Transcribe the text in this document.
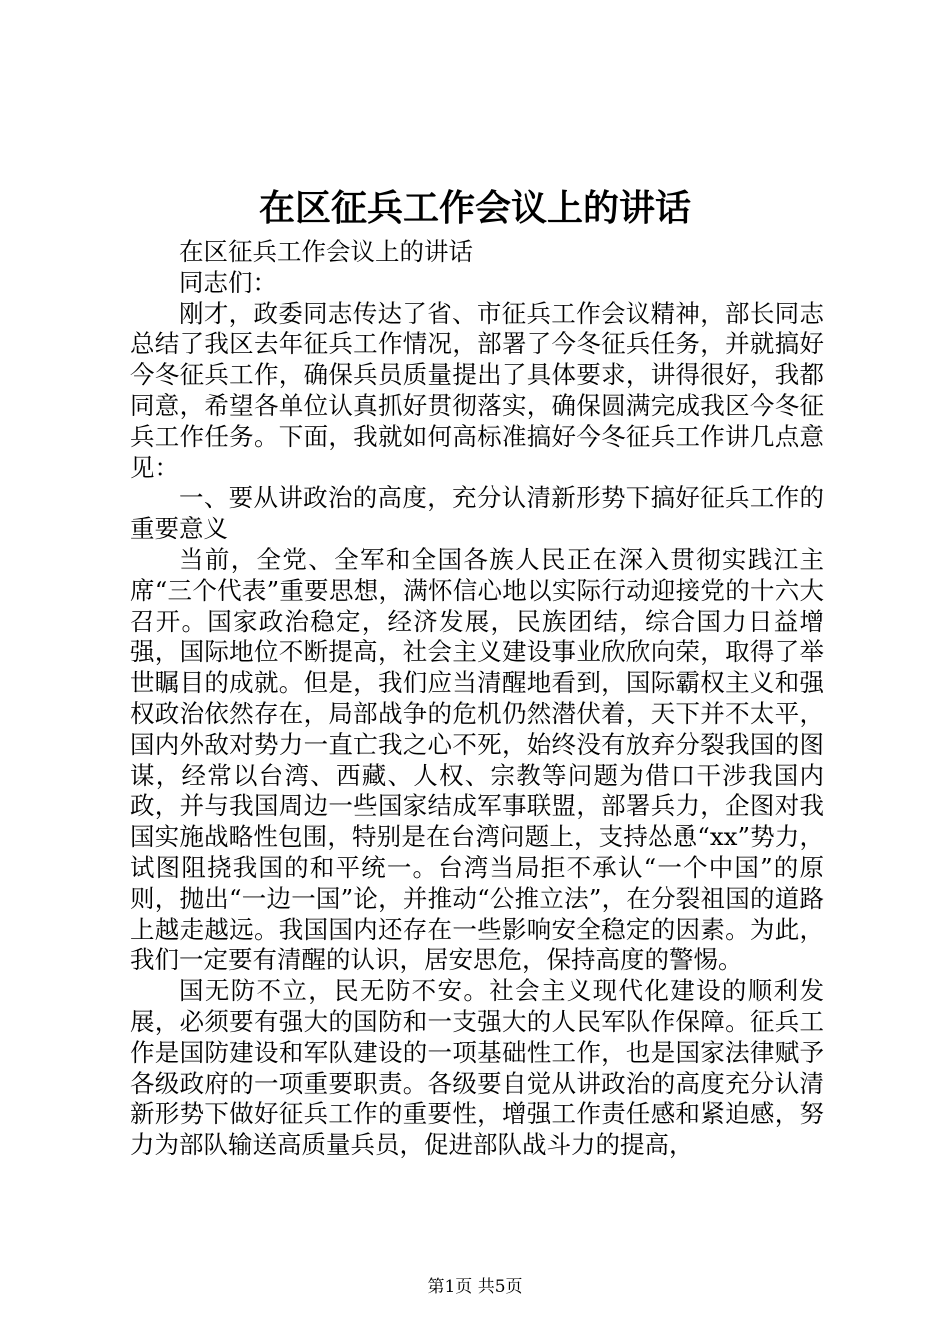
在区征兵工作会议上的讲话

在区征兵工作会议上的讲话

同志们：

刚才，政委同志传达了省、市征兵工作会议精神，部长同志总结了我区去年征兵工作情况，部署了今冬征兵任务，并就搞好今冬征兵工作，确保兵员质量提出了具体要求，讲得很好，我都同意，希望各单位认真抓好贯彻落实，确保圆满完成我区今冬征兵工作任务。下面，我就如何高标准搞好今冬征兵工作讲几点意见：

一、要从讲政治的高度，充分认清新形势下搞好征兵工作的重要意义

当前，全党、全军和全国各族人民正在深入贯彻实践江主席“三个代表”重要思想，满怀信心地以实际行动迎接党的十六大召开。国家政治稳定，经济发展，民族团结，综合国力日益增强，国际地位不断提高，社会主义建设事业欣欣向荣，取得了举世瞩目的成就。但是，我们应当清醒地看到，国际霸权主义和强权政治依然存在，局部战争的危机仍然潜伏着，天下并不太平，国内外敌对势力一直亡我之心不死，始终没有放弃分裂我国的图谋，经常以台湾、西藏、人权、宗教等问题为借口干涉我国内政，并与我国周边一些国家结成军事联盟，部署兵力，企图对我国实施战略性包围，特别是在台湾问题上，支持怂恿“xx”势力，试图阻挠我国的和平统一。台湾当局拒不承认“一个中国”的原则，抛出“一边一国”论，并推动“公推立法”，在分裂祖国的道路上越走越远。我国国内还存在一些影响安全稳定的因素。为此，我们一定要有清醒的认识，居安思危，保持高度的警惕。

国无防不立，民无防不安。社会主义现代化建设的顺利发展，必须要有强大的国防和一支强大的人民军队作保障。征兵工作是国防建设和军队建设的一项基础性工作，也是国家法律赋予各级政府的一项重要职责。各级要自觉从讲政治的高度充分认清新形势下做好征兵工作的重要性，增强工作责任感和紧迫感，努力为部队输送高质量兵员，促进部队战斗力的提高，

第1页 共5页
